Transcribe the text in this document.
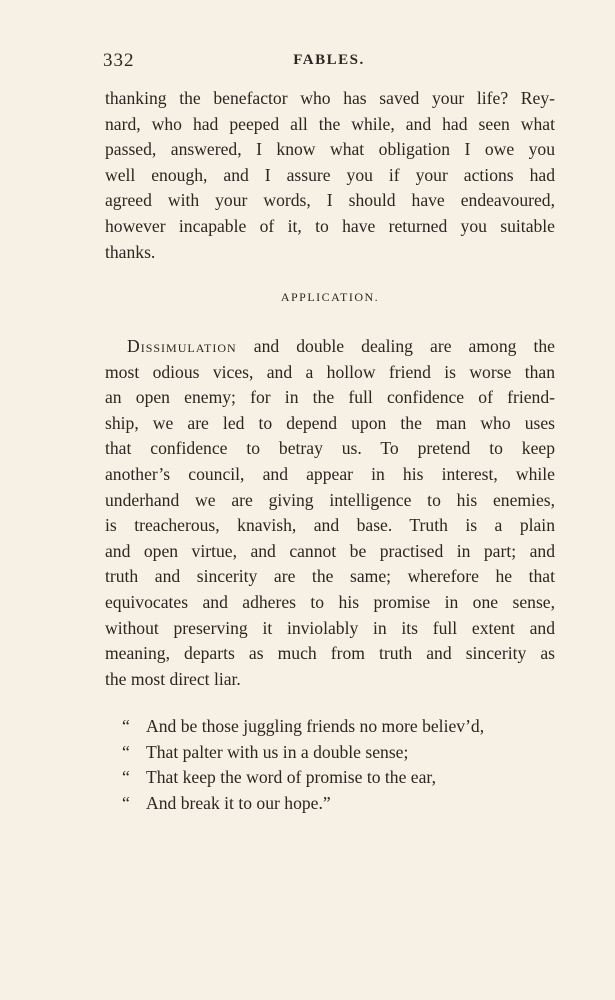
332	FABLES.
thanking the benefactor who has saved your life? Rey-
nard, who had peeped all the while, and had seen what
passed, answered, I know what obligation I owe you
well enough, and I assure you if your actions had
agreed with your words, I should have endeavoured,
however incapable of it, to have returned you suitable
thanks.
APPLICATION.
Dissimulation and double dealing are among the
most odious vices, and a hollow friend is worse than
an open enemy; for in the full confidence of friend-
ship, we are led to depend upon the man who uses
that confidence to betray us. To pretend to keep
another’s council, and appear in his interest, while
underhand we are giving intelligence to his enemies,
is treacherous, knavish, and base. Truth is a plain
and open virtue, and cannot be practised in part; and
truth and sincerity are the same; wherefore he that
equivocates and adheres to his promise in one sense,
without preserving it inviolably in its full extent and
meaning, departs as much from truth and sincerity as
the most direct liar.
“ And be those juggling friends no more believ’d,
“ That palter with us in a double sense;
“ That keep the word of promise to the ear,
“ And break it to our hope.”
